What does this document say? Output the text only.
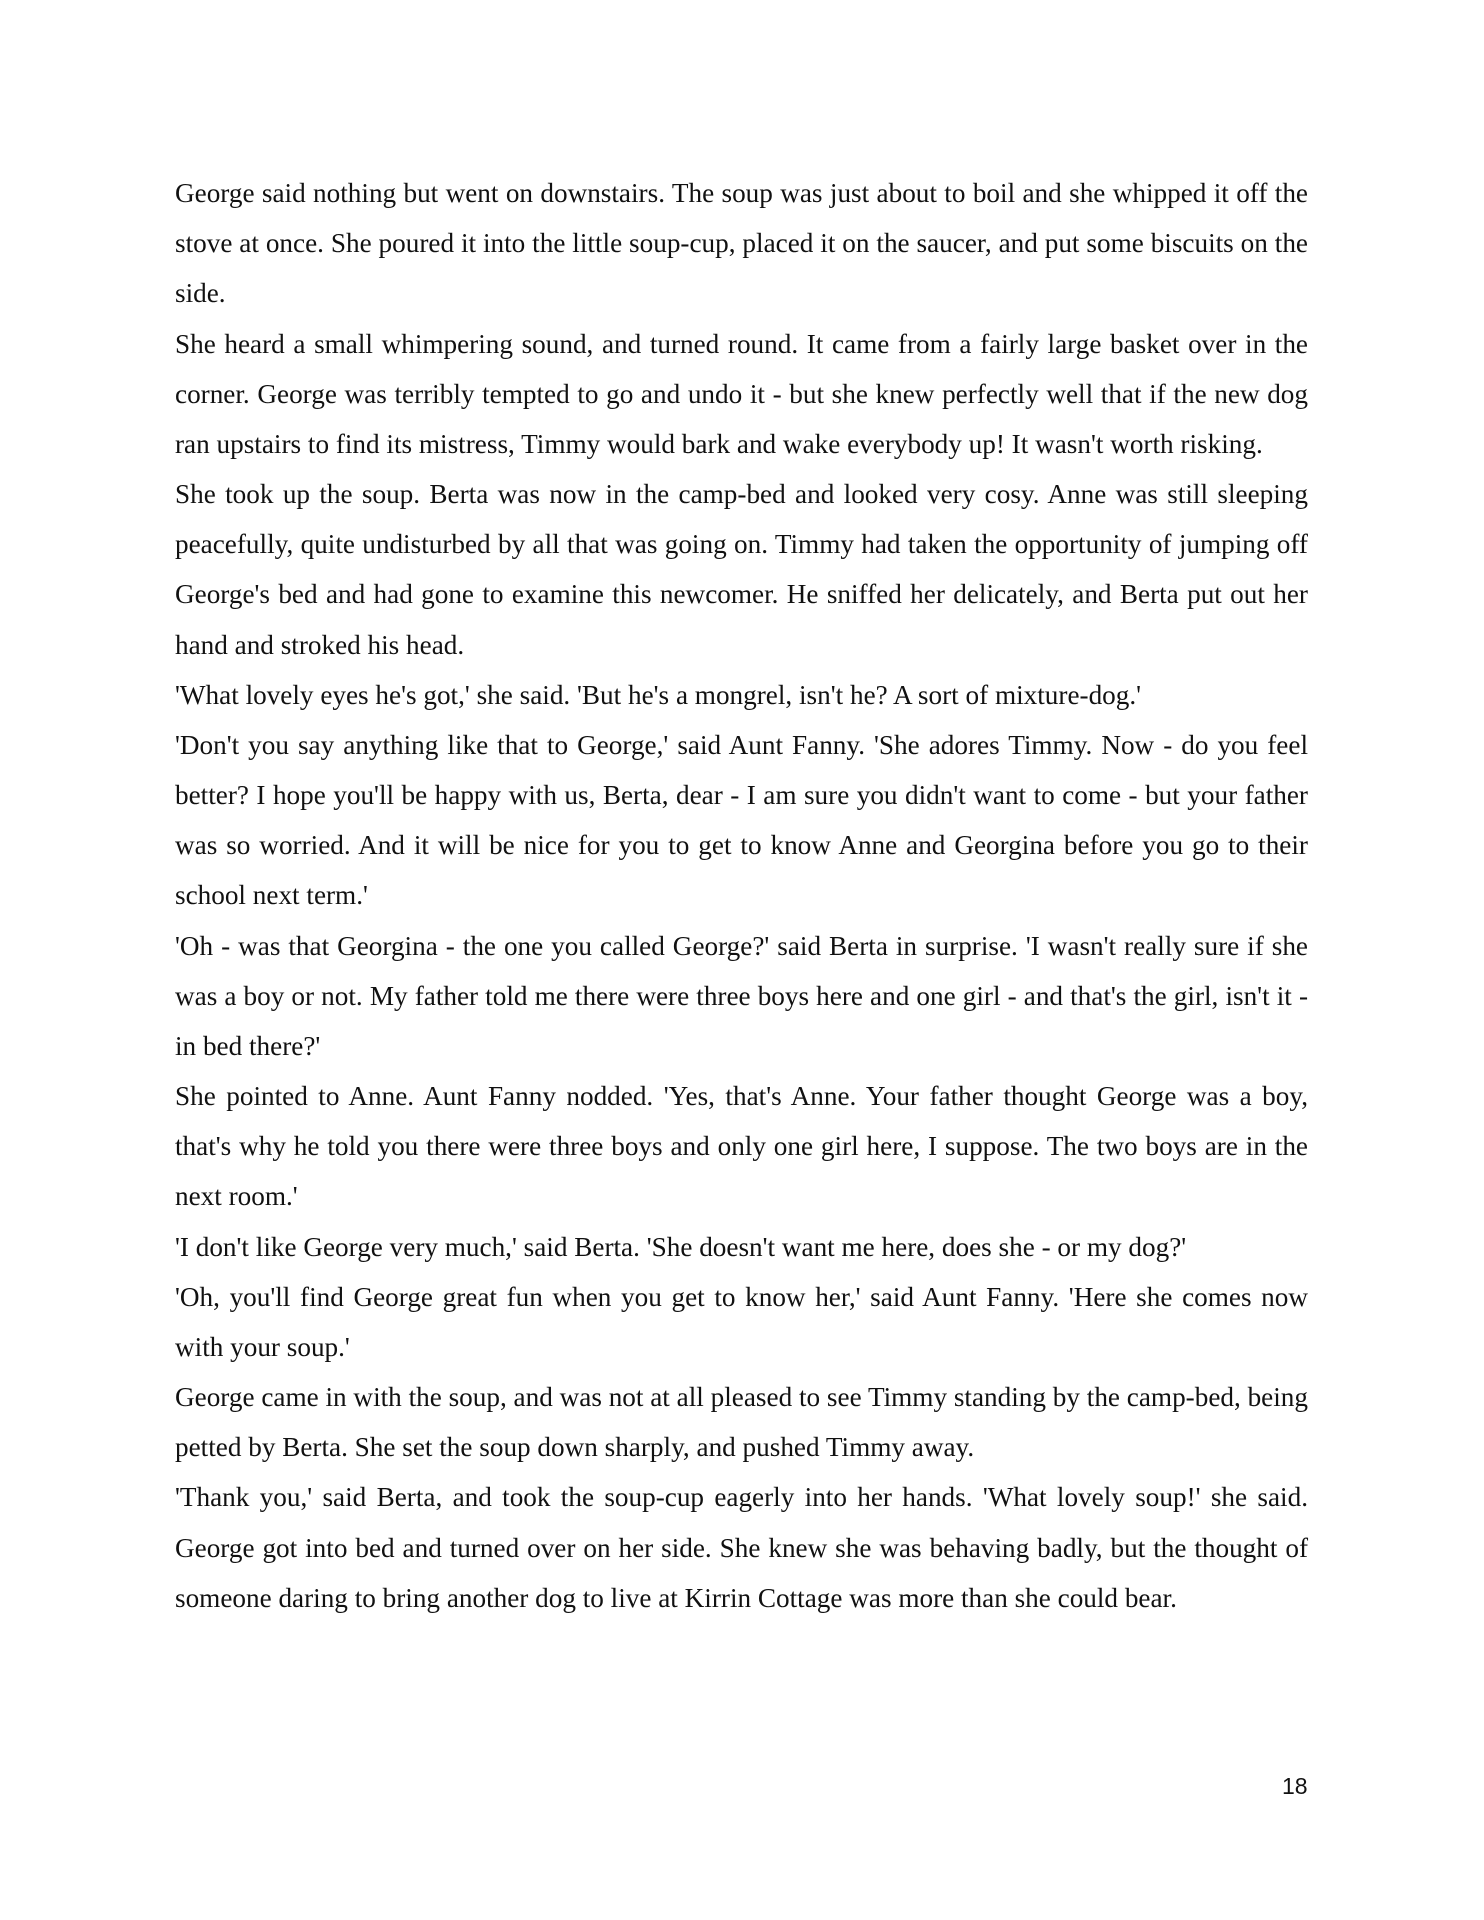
George said nothing but went on downstairs. The soup was just about to boil and she whipped it off the stove at once. She poured it into the little soup-cup, placed it on the saucer, and put some biscuits on the side.

She heard a small whimpering sound, and turned round. It came from a fairly large basket over in the corner. George was terribly tempted to go and undo it - but she knew perfectly well that if the new dog ran upstairs to find its mistress, Timmy would bark and wake everybody up! It wasn't worth risking.

She took up the soup. Berta was now in the camp-bed and looked very cosy. Anne was still sleeping peacefully, quite undisturbed by all that was going on. Timmy had taken the opportunity of jumping off George's bed and had gone to examine this newcomer. He sniffed her delicately, and Berta put out her hand and stroked his head.

'What lovely eyes he's got,' she said. 'But he's a mongrel, isn't he? A sort of mixture-dog.'

'Don't you say anything like that to George,' said Aunt Fanny. 'She adores Timmy. Now - do you feel better? I hope you'll be happy with us, Berta, dear - I am sure you didn't want to come - but your father was so worried. And it will be nice for you to get to know Anne and Georgina before you go to their school next term.'

'Oh - was that Georgina - the one you called George?' said Berta in surprise. 'I wasn't really sure if she was a boy or not. My father told me there were three boys here and one girl - and that's the girl, isn't it - in bed there?'

She pointed to Anne. Aunt Fanny nodded. 'Yes, that's Anne. Your father thought George was a boy, that's why he told you there were three boys and only one girl here, I suppose. The two boys are in the next room.'

'I don't like George very much,' said Berta. 'She doesn't want me here, does she - or my dog?'

'Oh, you'll find George great fun when you get to know her,' said Aunt Fanny. 'Here she comes now with your soup.'

George came in with the soup, and was not at all pleased to see Timmy standing by the camp-bed, being petted by Berta. She set the soup down sharply, and pushed Timmy away.

'Thank you,' said Berta, and took the soup-cup eagerly into her hands. 'What lovely soup!' she said. George got into bed and turned over on her side. She knew she was behaving badly, but the thought of someone daring to bring another dog to live at Kirrin Cottage was more than she could bear.

18
